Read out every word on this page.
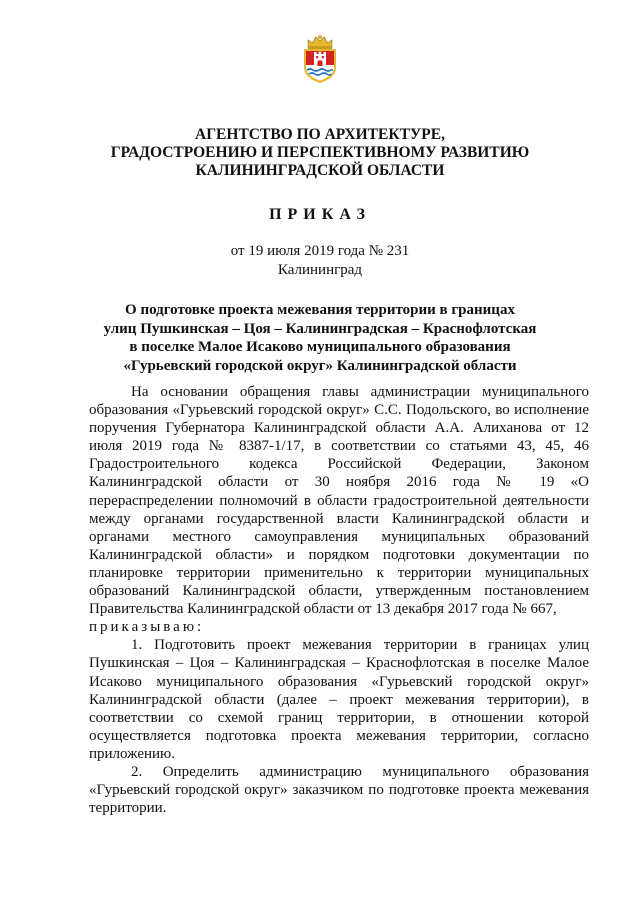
АГЕНТСТВО ПО АРХИТЕКТУРЕ,
ГРАДОСТРОЕНИЮ И ПЕРСПЕКТИВНОМУ РАЗВИТИЮ
КАЛИНИНГРАДСКОЙ ОБЛАСТИ
ПРИКАЗ
от 19 июля 2019 года № 231
Калининград
О подготовке проекта межевания территории в границах
улиц Пушкинская – Цоя – Калининградская – Краснофлотская
в поселке Малое Исаково муниципального образования
«Гурьевский городской округ» Калининградской области

На основании обращения главы администрации муниципального образования «Гурьевский городской округ» С.С. Подольского, во исполнение поручения Губернатора Калининградской области А.А. Алиханова от 12 июля 2019 года № 8387-1/17, в соответствии со статьями 43, 45, 46 Градостроительного кодекса Российской Федерации, Законом Калининградской области от 30 ноября 2016 года № 19 «О перераспределении полномочий в области градостроительной деятельности между органами государственной власти Калининградской области и органами местного самоуправления муниципальных образований Калининградской области» и порядком подготовки документации по планировке территории применительно к территории муниципальных образований Калининградской области, утвержденным постановлением Правительства Калининградской области от 13 декабря 2017 года № 667,

приказываю:

1. Подготовить проект межевания территории в границах улиц Пушкинская – Цоя – Калининградская – Краснофлотская в поселке Малое Исаково муниципального образования «Гурьевский городской округ» Калининградской области (далее – проект межевания территории), в соответствии со схемой границ территории, в отношении которой осуществляется подготовка проекта межевания территории, согласно приложению.

2. Определить администрацию муниципального образования «Гурьевский городской округ» заказчиком по подготовке проекта межевания территории.
